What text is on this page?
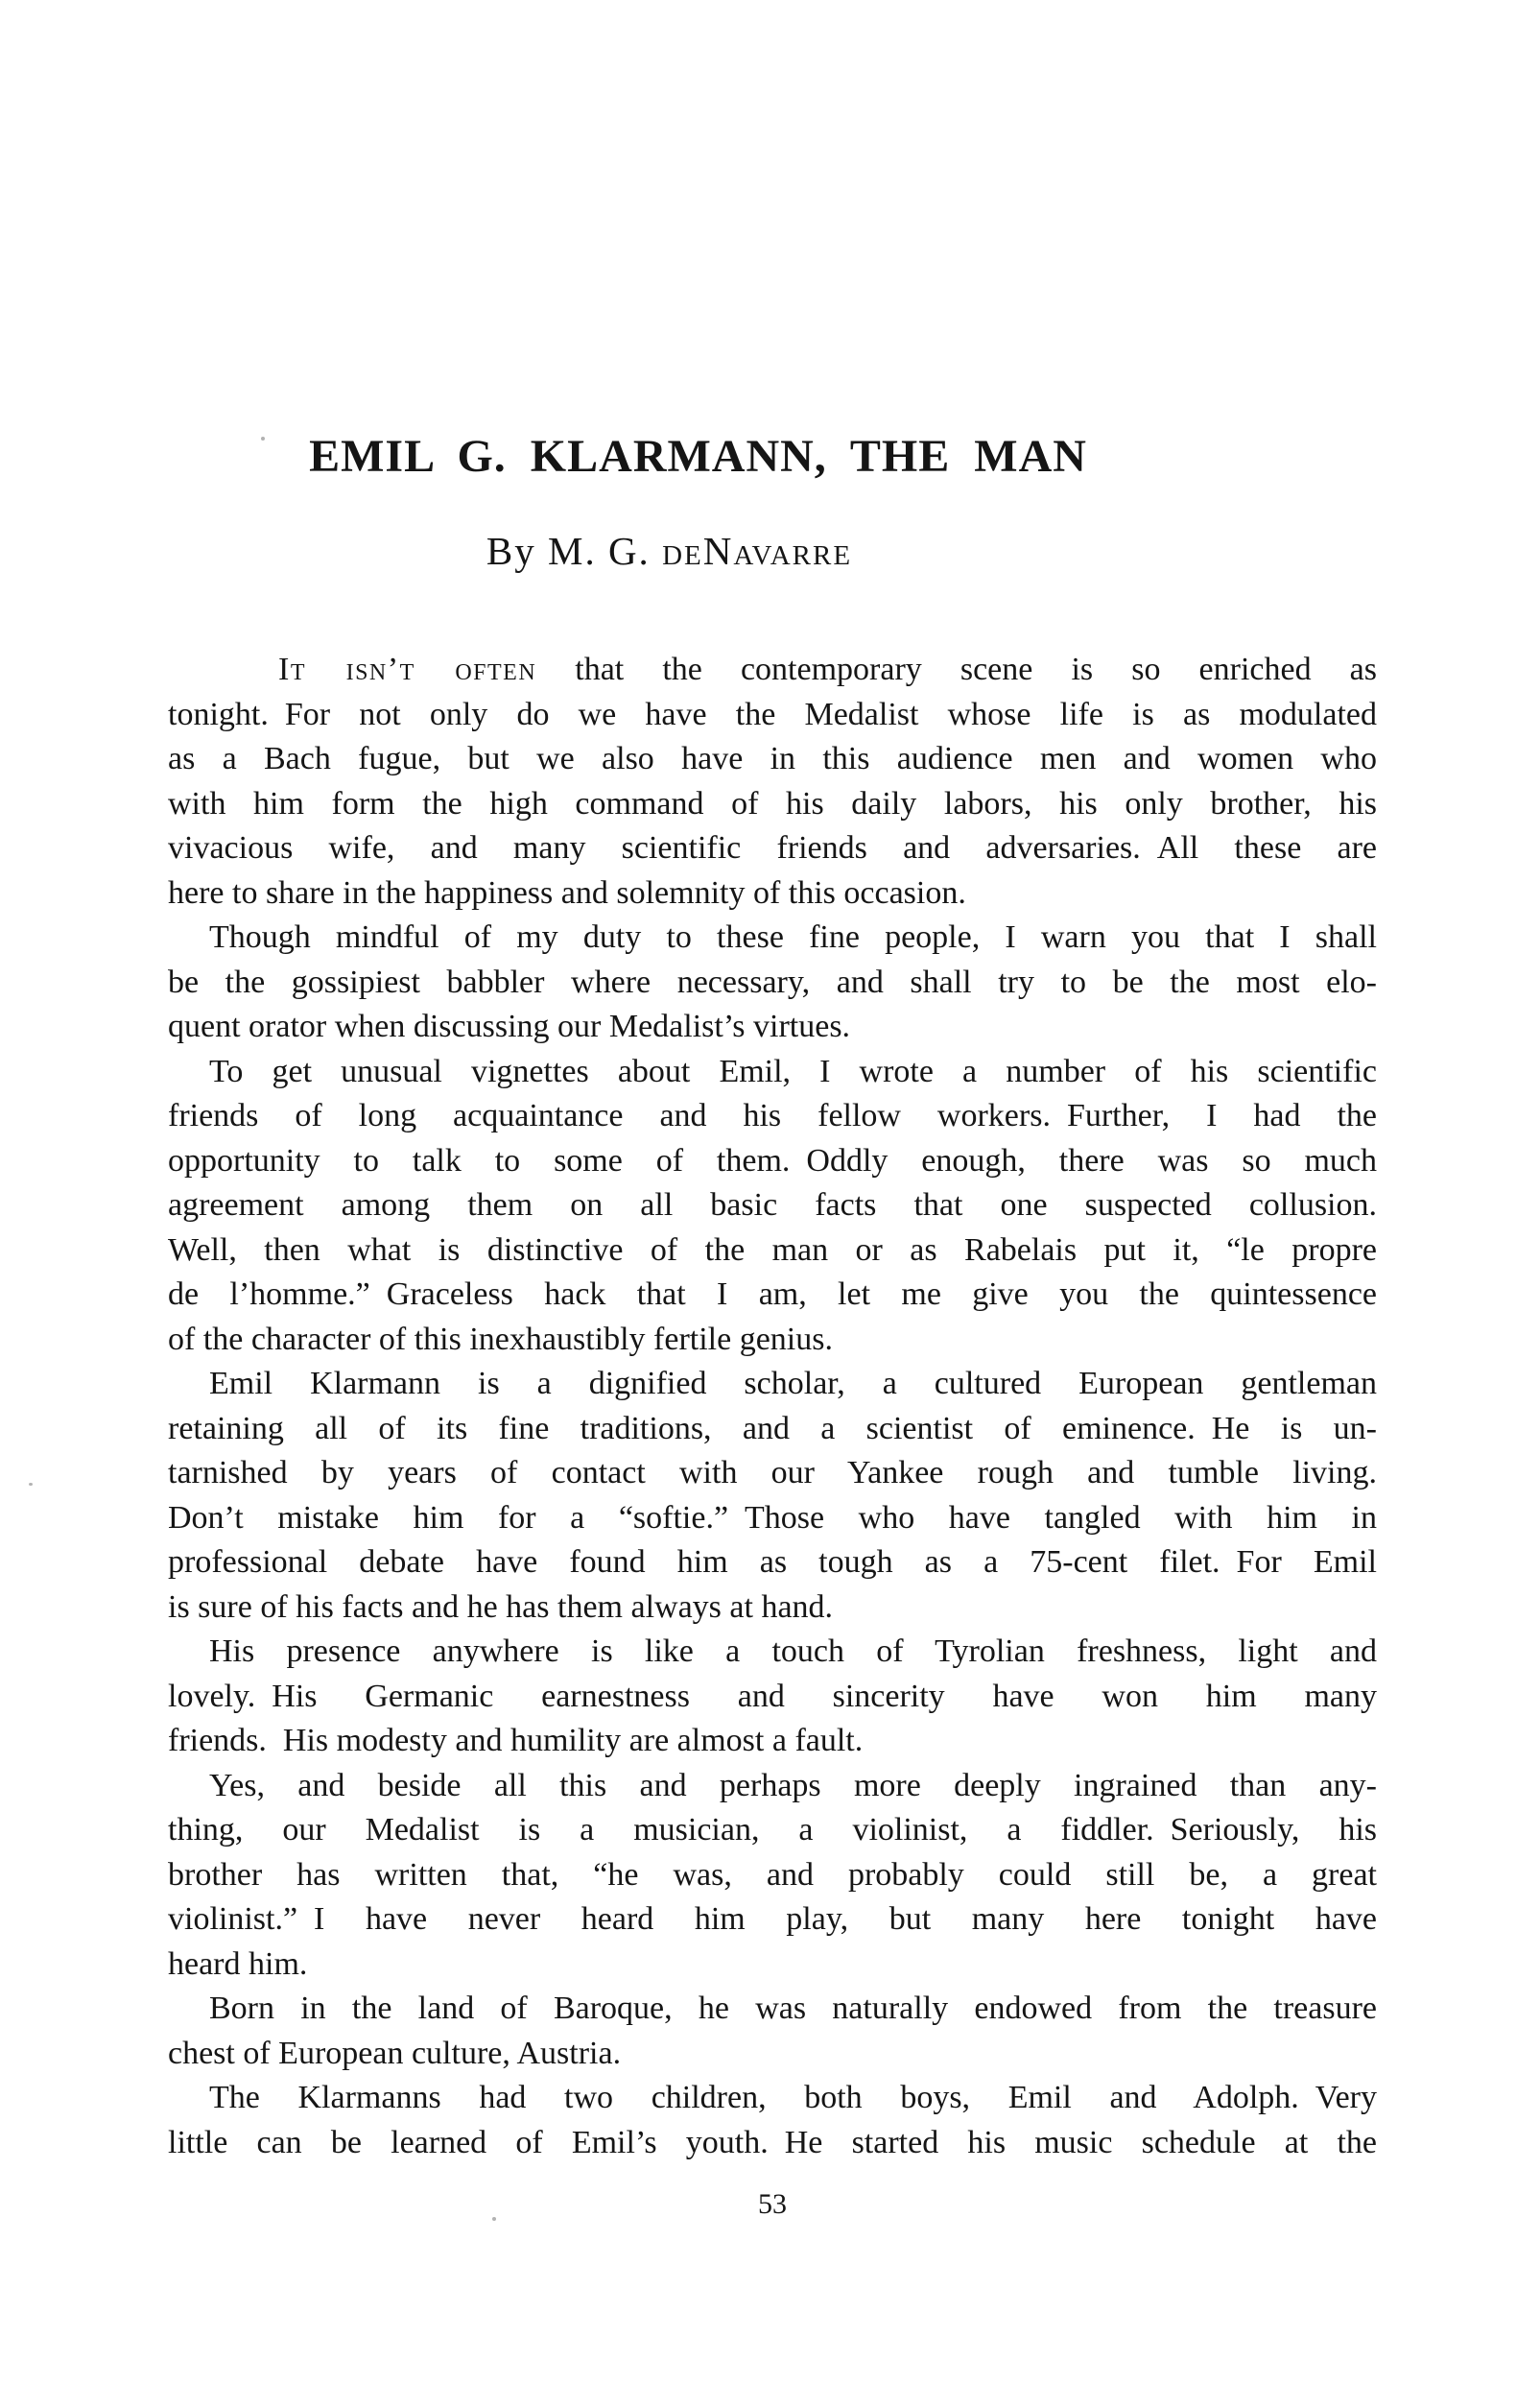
EMIL G. KLARMANN, THE MAN
By M. G. deNavarre
It isn’t often that the contemporary scene is so enriched as
tonight. For not only do we have the Medalist whose life is as modulated
as a Bach fugue, but we also have in this audience men and women who
with him form the high command of his daily labors, his only brother, his
vivacious wife, and many scientific friends and adversaries. All these are
here to share in the happiness and solemnity of this occasion.
Though mindful of my duty to these fine people, I warn you that I shall
be the gossipiest babbler where necessary, and shall try to be the most elo-
quent orator when discussing our Medalist’s virtues.
To get unusual vignettes about Emil, I wrote a number of his scientific
friends of long acquaintance and his fellow workers. Further, I had the
opportunity to talk to some of them. Oddly enough, there was so much
agreement among them on all basic facts that one suspected collusion.
Well, then what is distinctive of the man or as Rabelais put it, “le propre
de l’homme.” Graceless hack that I am, let me give you the quintessence
of the character of this inexhaustibly fertile genius.
Emil Klarmann is a dignified scholar, a cultured European gentleman
retaining all of its fine traditions, and a scientist of eminence. He is un-
tarnished by years of contact with our Yankee rough and tumble living.
Don’t mistake him for a “softie.” Those who have tangled with him in
professional debate have found him as tough as a 75-cent filet. For Emil
is sure of his facts and he has them always at hand.
His presence anywhere is like a touch of Tyrolian freshness, light and
lovely. His Germanic earnestness and sincerity have won him many
friends. His modesty and humility are almost a fault.
Yes, and beside all this and perhaps more deeply ingrained than any-
thing, our Medalist is a musician, a violinist, a fiddler. Seriously, his
brother has written that, “he was, and probably could still be, a great
violinist.” I have never heard him play, but many here tonight have
heard him.
Born in the land of Baroque, he was naturally endowed from the treasure
chest of European culture, Austria.
The Klarmanns had two children, both boys, Emil and Adolph. Very
little can be learned of Emil’s youth. He started his music schedule at the
53
